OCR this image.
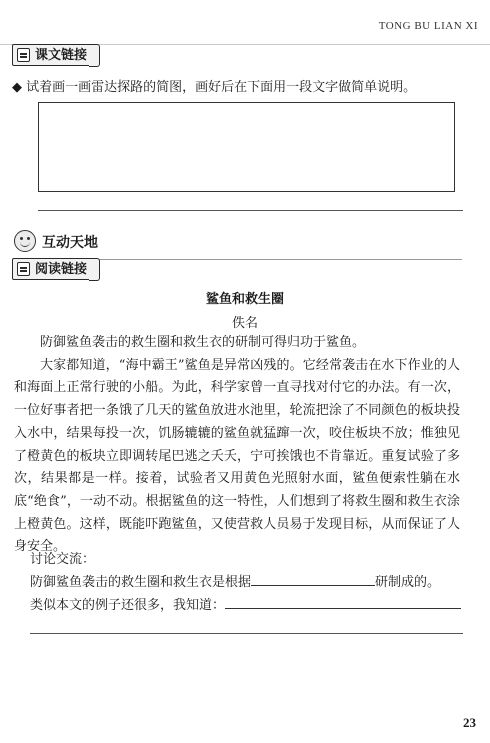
TONG BU LIAN XI
课文链接
◆ 试着画一画雷达探路的简图，画好后在下面用一段文字做简单说明。
互动天地
阅读链接
鲨鱼和救生圈
佚名

防御鲨鱼袭击的救生圈和救生衣的研制可得归功于鲨鱼。

大家都知道，“海中霸王”鲨鱼是异常凶残的。它经常袭击在水下作业的人和海面上正常行驶的小船。为此，科学家曾一直寻找对付它的办法。有一次，一位好事者把一条饿了几天的鲨鱼放进水池里，轮流把涂了不同颜色的板块投入水中，结果每投一次，饥肠辘辘的鲨鱼就猛蹿一次，咬住板块不放；惟独见了橙黄色的板块立即调转尾巴逃之夭夭，宁可挨饿也不肯靠近。重复试验了多次，结果都是一样。接着，试验者又用黄色光照射水面，鲨鱼便索性躺在水底“绝食”，一动不动。根据鲨鱼的这一特性，人们想到了将救生圈和救生衣涂上橙黄色。这样，既能吓跑鲨鱼，又使营救人员易于发现目标，从而保证了人身安全。

讨论交流：
防御鲨鱼袭击的救生圈和救生衣是根据	研制成的。
类似本文的例子还很多，我知道：
23
